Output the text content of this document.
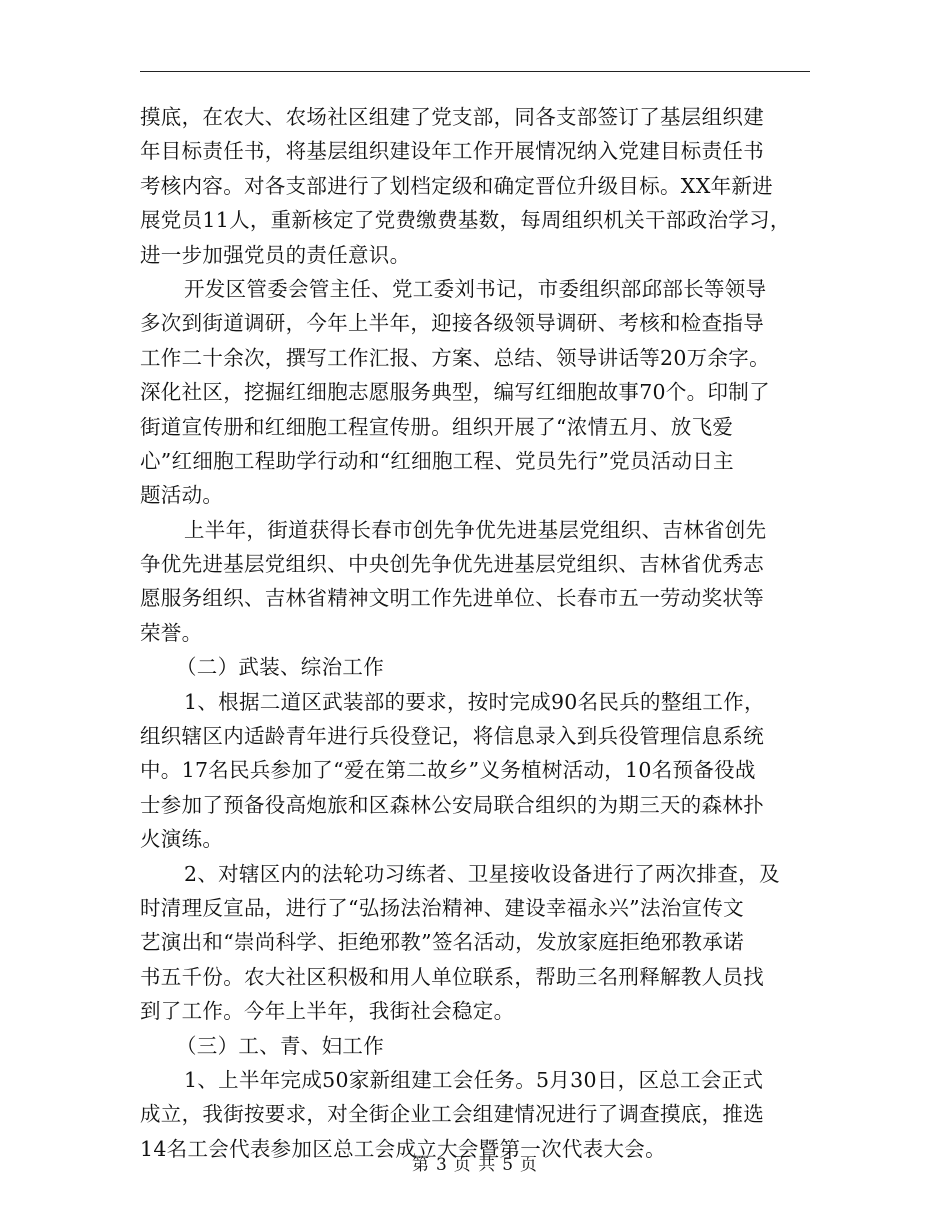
摸底，在农大、农场社区组建了党支部，同各支部签订了基层组织建
年目标责任书，将基层组织建设年工作开展情况纳入党建目标责任书
考核内容。对各支部进行了划档定级和确定晋位升级目标。XX年新进
展党员11人，重新核定了党费缴费基数，每周组织机关干部政治学习，
进一步加强党员的责任意识。
开发区管委会管主任、党工委刘书记，市委组织部邱部长等领导
多次到街道调研，今年上半年，迎接各级领导调研、考核和检查指导
工作二十余次，撰写工作汇报、方案、总结、领导讲话等20万余字。
深化社区，挖掘红细胞志愿服务典型，编写红细胞故事70个。印制了
街道宣传册和红细胞工程宣传册。组织开展了“浓情五月、放飞爱
心”红细胞工程助学行动和“红细胞工程、党员先行”党员活动日主
题活动。
上半年，街道获得长春市创先争优先进基层党组织、吉林省创先
争优先进基层党组织、中央创先争优先进基层党组织、吉林省优秀志
愿服务组织、吉林省精神文明工作先进单位、长春市五一劳动奖状等
荣誉。
（二）武装、综治工作
1、根据二道区武装部的要求，按时完成90名民兵的整组工作，
组织辖区内适龄青年进行兵役登记，将信息录入到兵役管理信息系统
中。17名民兵参加了“爱在第二故乡”义务植树活动，10名预备役战
士参加了预备役高炮旅和区森林公安局联合组织的为期三天的森林扑
火演练。
2、对辖区内的法轮功习练者、卫星接收设备进行了两次排查，及
时清理反宣品，进行了“弘扬法治精神、建设幸福永兴”法治宣传文
艺演出和“崇尚科学、拒绝邪教”签名活动，发放家庭拒绝邪教承诺
书五千份。农大社区积极和用人单位联系，帮助三名刑释解教人员找
到了工作。今年上半年，我街社会稳定。
（三）工、青、妇工作
1、上半年完成50家新组建工会任务。5月30日，区总工会正式
成立，我街按要求，对全街企业工会组建情况进行了调查摸底，推选
14名工会代表参加区总工会成立大会暨第一次代表大会。
第 3 页 共 5 页
